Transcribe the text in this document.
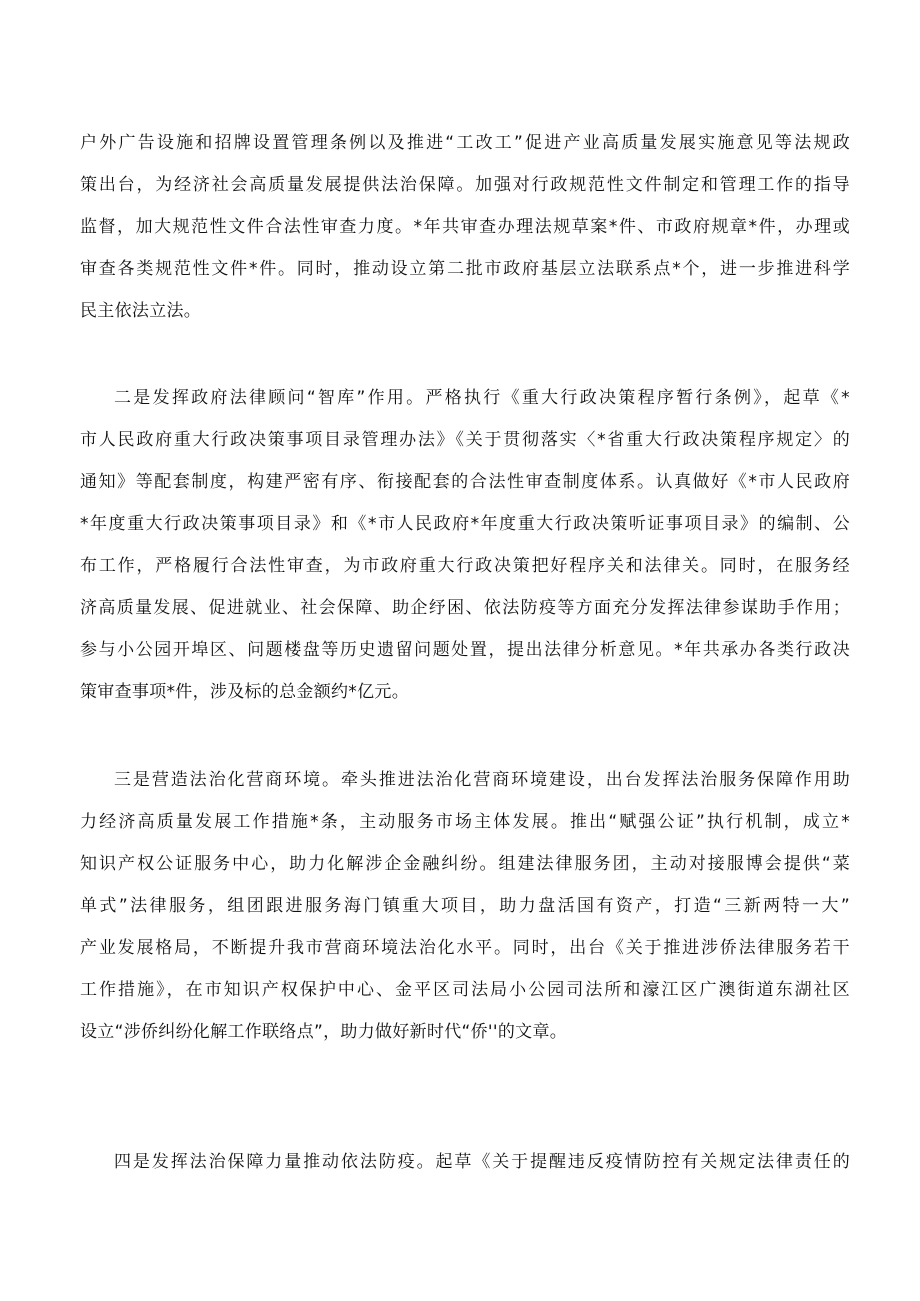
户外广告设施和招牌设置管理条例以及推进“工改工”促进产业高质量发展实施意见等法规政
策出台，为经济社会高质量发展提供法治保障。加强对行政规范性文件制定和管理工作的指导
监督，加大规范性文件合法性审查力度。*年共审查办理法规草案*件、市政府规章*件，办理或
审查各类规范性文件*件。同时，推动设立第二批市政府基层立法联系点*个，进一步推进科学
民主依法立法。
二是发挥政府法律顾问“智库”作用。严格执行《重大行政决策程序暂行条例》，起草《*
市人民政府重大行政决策事项目录管理办法》《关于贯彻落实〈*省重大行政决策程序规定〉的
通知》等配套制度，构建严密有序、衔接配套的合法性审查制度体系。认真做好《*市人民政府
*年度重大行政决策事项目录》和《*市人民政府*年度重大行政决策听证事项目录》的编制、公
布工作，严格履行合法性审查，为市政府重大行政决策把好程序关和法律关。同时，在服务经
济高质量发展、促进就业、社会保障、助企纾困、依法防疫等方面充分发挥法律参谋助手作用；
参与小公园开埠区、问题楼盘等历史遗留问题处置，提出法律分析意见。*年共承办各类行政决
策审查事项*件，涉及标的总金额约*亿元。
三是营造法治化营商环境。牵头推进法治化营商环境建设，出台发挥法治服务保障作用助
力经济高质量发展工作措施*条，主动服务市场主体发展。推出“赋强公证”执行机制，成立*
知识产权公证服务中心，助力化解涉企金融纠纷。组建法律服务团，主动对接服博会提供“菜
单式”法律服务，组团跟进服务海门镇重大项目，助力盘活国有资产，打造“三新两特一大”
产业发展格局，不断提升我市营商环境法治化水平。同时，出台《关于推进涉侨法律服务若干
工作措施》，在市知识产权保护中心、金平区司法局小公园司法所和濠江区广澳街道东湖社区
设立“涉侨纠纷化解工作联络点”，助力做好新时代“侨''的文章。
四是发挥法治保障力量推动依法防疫。起草《关于提醒违反疫情防控有关规定法律责任的
